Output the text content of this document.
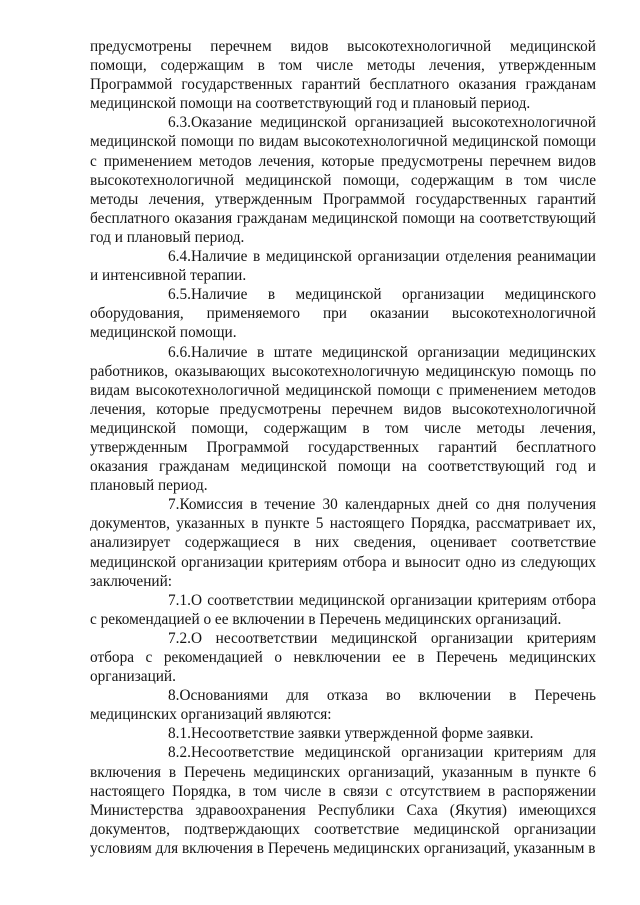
предусмотрены перечнем видов высокотехнологичной медицинской помощи, содержащим в том числе методы лечения, утвержденным Программой государственных гарантий бесплатного оказания гражданам медицинской помощи на соответствующий год и плановый период.

6.3.Оказание медицинской организацией высокотехнологичной медицинской помощи по видам высокотехнологичной медицинской помощи с применением методов лечения, которые предусмотрены перечнем видов высокотехнологичной медицинской помощи, содержащим в том числе методы лечения, утвержденным Программой государственных гарантий бесплатного оказания гражданам медицинской помощи на соответствующий год и плановый период.

6.4.Наличие в медицинской организации отделения реанимации и интенсивной терапии.

6.5.Наличие в медицинской организации медицинского оборудования, применяемого при оказании высокотехнологичной медицинской помощи.

6.6.Наличие в штате медицинской организации медицинских работников, оказывающих высокотехнологичную медицинскую помощь по видам высокотехнологичной медицинской помощи с применением методов лечения, которые предусмотрены перечнем видов высокотехнологичной медицинской помощи, содержащим в том числе методы лечения, утвержденным Программой государственных гарантий бесплатного оказания гражданам медицинской помощи на соответствующий год и плановый период.

7.Комиссия в течение 30 календарных дней со дня получения документов, указанных в пункте 5 настоящего Порядка, рассматривает их, анализирует содержащиеся в них сведения, оценивает соответствие медицинской организации критериям отбора и выносит одно из следующих заключений:

7.1.О соответствии медицинской организации критериям отбора с рекомендацией о ее включении в Перечень медицинских организаций.

7.2.О несоответствии медицинской организации критериям отбора с рекомендацией о невключении ее в Перечень медицинских организаций.

8.Основаниями для отказа во включении в Перечень медицинских организаций являются:

8.1.Несоответствие заявки утвержденной форме заявки.

8.2.Несоответствие медицинской организации критериям для включения в Перечень медицинских организаций, указанным в пункте 6 настоящего Порядка, в том числе в связи с отсутствием в распоряжении Министерства здравоохранения Республики Саха (Якутия) имеющихся документов, подтверждающих соответствие медицинской организации условиям для включения в Перечень медицинских организаций, указанным в
